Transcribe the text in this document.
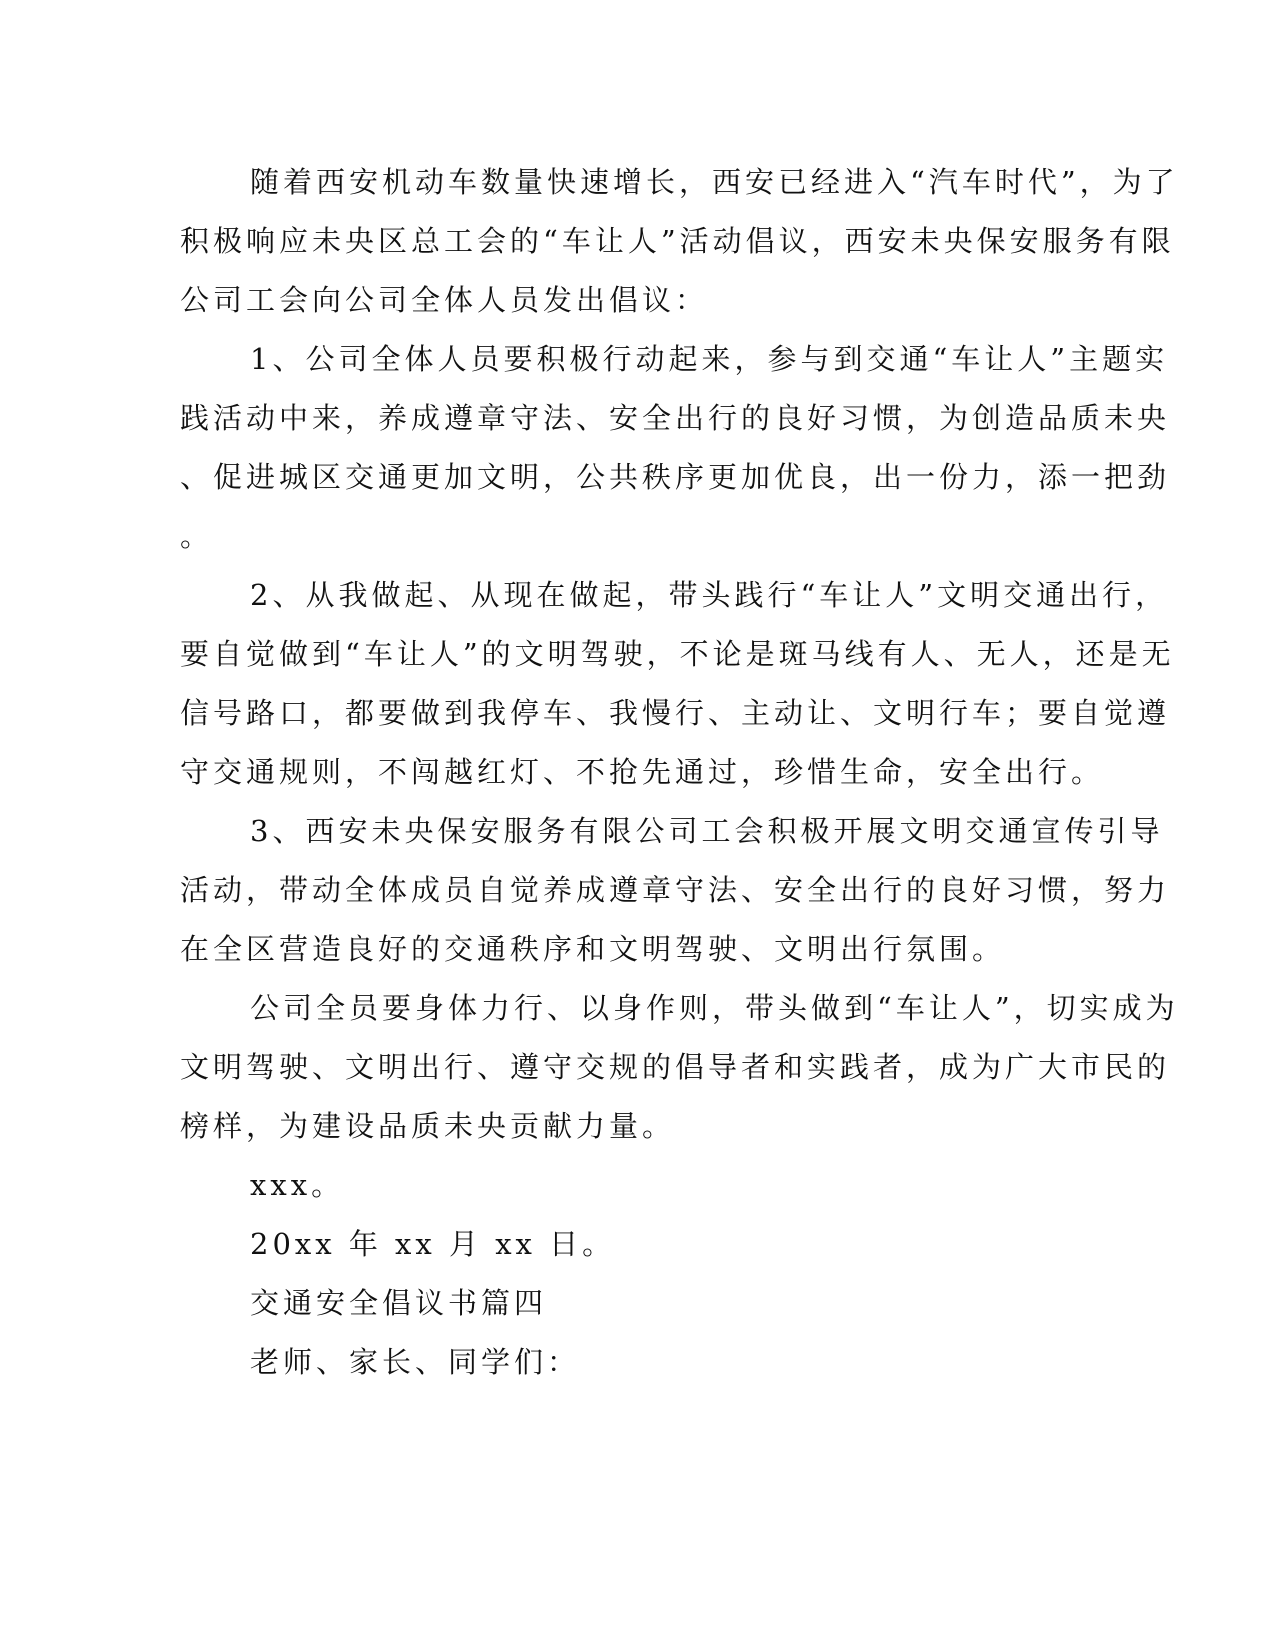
随着西安机动车数量快速增长，西安已经进入“汽车时代”，为了
积极响应未央区总工会的“车让人”活动倡议，西安未央保安服务有限
公司工会向公司全体人员发出倡议：
1、公司全体人员要积极行动起来，参与到交通“车让人”主题实
践活动中来，养成遵章守法、安全出行的良好习惯，为创造品质未央
、促进城区交通更加文明，公共秩序更加优良，出一份力，添一把劲
。
2、从我做起、从现在做起，带头践行“车让人”文明交通出行，
要自觉做到“车让人”的文明驾驶，不论是斑马线有人、无人，还是无
信号路口，都要做到我停车、我慢行、主动让、文明行车；要自觉遵
守交通规则，不闯越红灯、不抢先通过，珍惜生命，安全出行。
3、西安未央保安服务有限公司工会积极开展文明交通宣传引导
活动，带动全体成员自觉养成遵章守法、安全出行的良好习惯，努力
在全区营造良好的交通秩序和文明驾驶、文明出行氛围。
公司全员要身体力行、以身作则，带头做到“车让人”，切实成为
文明驾驶、文明出行、遵守交规的倡导者和实践者，成为广大市民的
榜样，为建设品质未央贡献力量。
xxx。
20xx 年 xx 月 xx 日。
交通安全倡议书篇四
老师、家长、同学们：
